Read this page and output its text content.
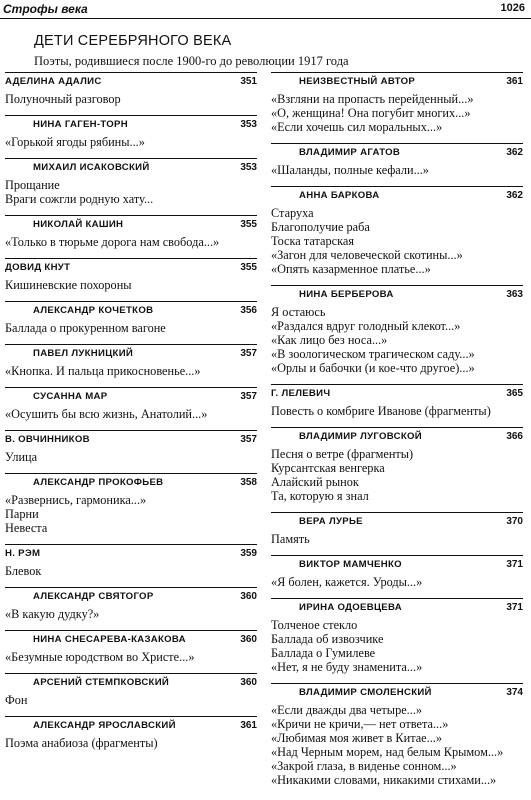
Строфы века	1026
ДЕТИ СЕРЕБРЯНОГО ВЕКА
Поэты, родившиеся после 1900-го до революции 1917 года
АДЕЛИНА АДАЛИС	351
Полуночный разговор
НИНА ГАГЕН-ТОРН	353
«Горькой ягоды рябины...»
МИХАИЛ ИСАКОВСКИЙ	353
Прощание
Враги сожгли родную хату...
НИКОЛАЙ КАШИН	355
«Только в тюрьме дорога нам свобода...»
ДОВИД КНУТ	355
Кишиневские похороны
АЛЕКСАНДР КОЧЕТКОВ	356
Баллада о прокуренном вагоне
ПАВЕЛ ЛУКНИЦКИЙ	357
«Кнопка. И пальца прикосновенье...»
СУСАННА МАР	357
«Осушить бы всю жизнь, Анатолий...»
В. ОВЧИННИКОВ	357
Улица
АЛЕКСАНДР ПРОКОФЬЕВ	358
«Развернись, гармоника...»
Парни
Невеста
Н. РЭМ	359
Блевок
АЛЕКСАНДР СВЯТОГОР	360
«В какую дудку?»
НИНА СНЕСАРЕВА-КАЗАКОВА	360
«Безумные юродством во Христе...»
АРСЕНИЙ СТЕМПКОВСКИЙ	360
Фон
АЛЕКСАНДР ЯРОСЛАВСКИЙ	361
Поэма анабиоза (фрагменты)
НЕИЗВЕСТНЫЙ АВТОР	361
«Взгляни на пропасть перейденный...»
«О, женщина! Она погубит многих...»
«Если хочешь сил моральных...»
ВЛАДИМИР АГАТОВ	362
«Шаланды, полные кефали...»
АННА БАРКОВА	362
Старуха
Благополучие раба
Тоска татарская
«Загон для человеческой скотины...»
«Опять казарменное платье...»
НИНА БЕРБЕРОВА	363
Я остаюсь
«Раздался вдруг голодный клекот...»
«Как лицо без носа...»
«В зоологическом трагическом саду...»
«Орлы и бабочки (и кое-что другое)...»
Г. ЛЕЛЕВИЧ	365
Повесть о комбриге Иванове (фрагменты)
ВЛАДИМИР ЛУГОВСКОЙ	366
Песня о ветре (фрагменты)
Курсантская венгерка
Алайский рынок
Та, которую я знал
ВЕРА ЛУРЬЕ	370
Память
ВИКТОР МАМЧЕНКО	371
«Я болен, кажется. Уроды...»
ИРИНА ОДОЕВЦЕВА	371
Толченое стекло
Баллада об извозчике
Баллада о Гумилеве
«Нет, я не буду знаменита...»
ВЛАДИМИР СМОЛЕНСКИЙ	374
«Если дважды два четыре...»
«Кричи не кричи,— нет ответа...»
«Любимая моя живет в Китае...»
«Над Черным морем, над белым Крымом...»
«Закрой глаза, в виденье сонном...»
«Никакими словами, никакими стихами...»
